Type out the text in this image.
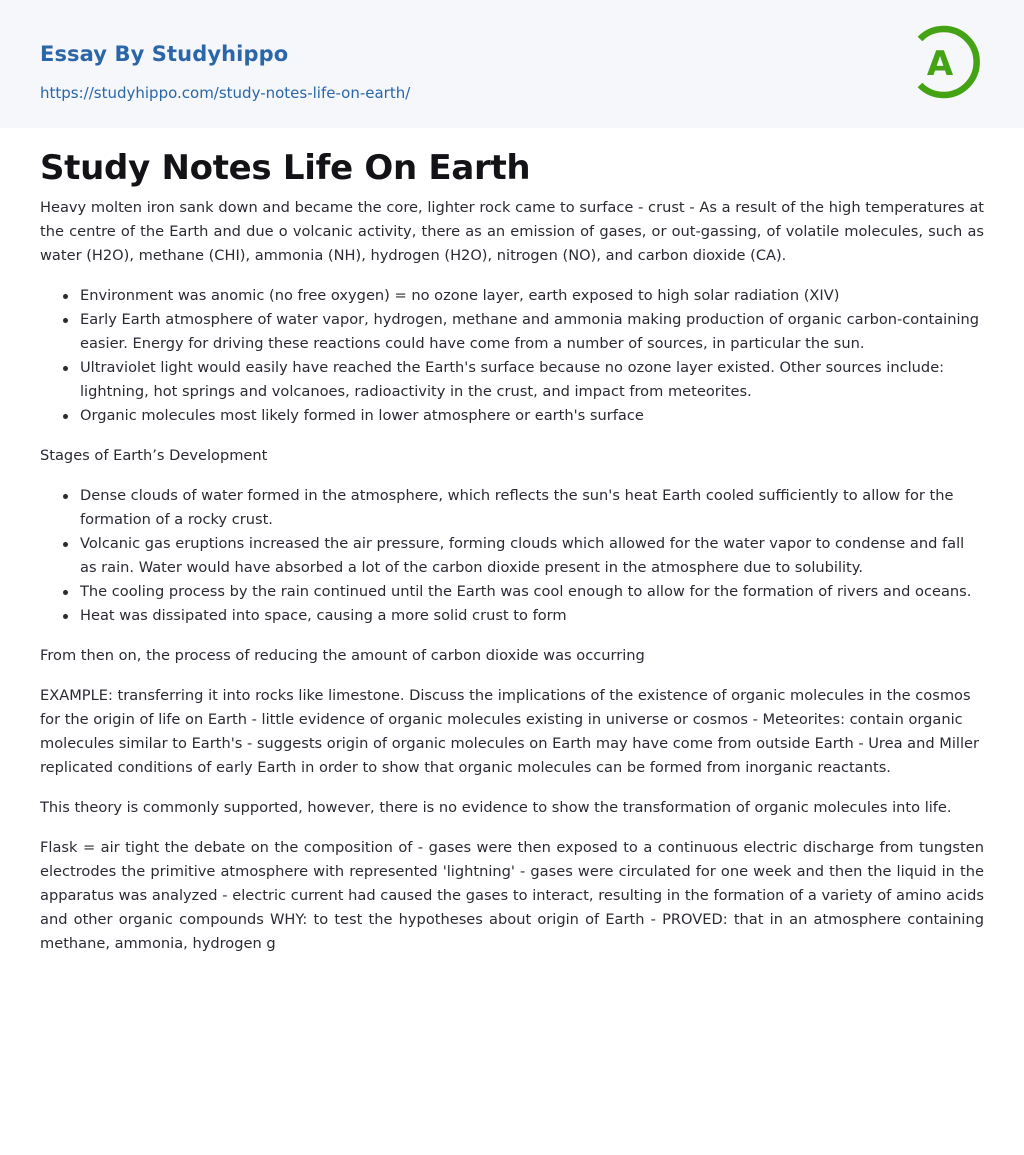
Essay By Studyhippo
https://studyhippo.com/study-notes-life-on-earth/
A
Study Notes Life On Earth

Heavy molten iron sank down and became the core, lighter rock came to surface - crust - As a result of the high temperatures at the centre of the Earth and due o volcanic activity, there as an emission of gases, or out-gassing, of volatile molecules, such as water (H2O), methane (CHI), ammonia (NH), hydrogen (H2O), nitrogen (NO), and carbon dioxide (CA).

Environment was anomic (no free oxygen) = no ozone layer, earth exposed to high solar radiation (XIV)
Early Earth atmosphere of water vapor, hydrogen, methane and ammonia making production of organic carbon-containing easier. Energy for driving these reactions could have come from a number of sources, in particular the sun.
Ultraviolet light would easily have reached the Earth's surface because no ozone layer existed. Other sources include: lightning, hot springs and volcanoes, radioactivity in the crust, and impact from meteorites.
Organic molecules most likely formed in lower atmosphere or earth's surface

Stages of Earth’s Development

Dense clouds of water formed in the atmosphere, which reflects the sun's heat Earth cooled sufficiently to allow for the formation of a rocky crust.
Volcanic gas eruptions increased the air pressure, forming clouds which allowed for the water vapor to condense and fall as rain. Water would have absorbed a lot of the carbon dioxide present in the atmosphere due to solubility.
The cooling process by the rain continued until the Earth was cool enough to allow for the formation of rivers and oceans.
Heat was dissipated into space, causing a more solid crust to form

From then on, the process of reducing the amount of carbon dioxide was occurring

EXAMPLE: transferring it into rocks like limestone. Discuss the implications of the existence of organic molecules in the cosmos for the origin of life on Earth - little evidence of organic molecules existing in universe or cosmos - Meteorites: contain organic molecules similar to Earth's - suggests origin of organic molecules on Earth may have come from outside Earth - Urea and Miller replicated conditions of early Earth in order to show that organic molecules can be formed from inorganic reactants.

This theory is commonly supported, however, there is no evidence to show the transformation of organic molecules into life.

Flask = air tight the debate on the composition of - gases were then exposed to a continuous electric discharge from tungsten electrodes the primitive atmosphere with represented 'lightning' - gases were circulated for one week and then the liquid in the apparatus was analyzed - electric current had caused the gases to interact, resulting in the formation of a variety of amino acids and other organic compounds WHY: to test the hypotheses about origin of Earth - PROVED: that in an atmosphere containing methane, ammonia, hydrogen g
